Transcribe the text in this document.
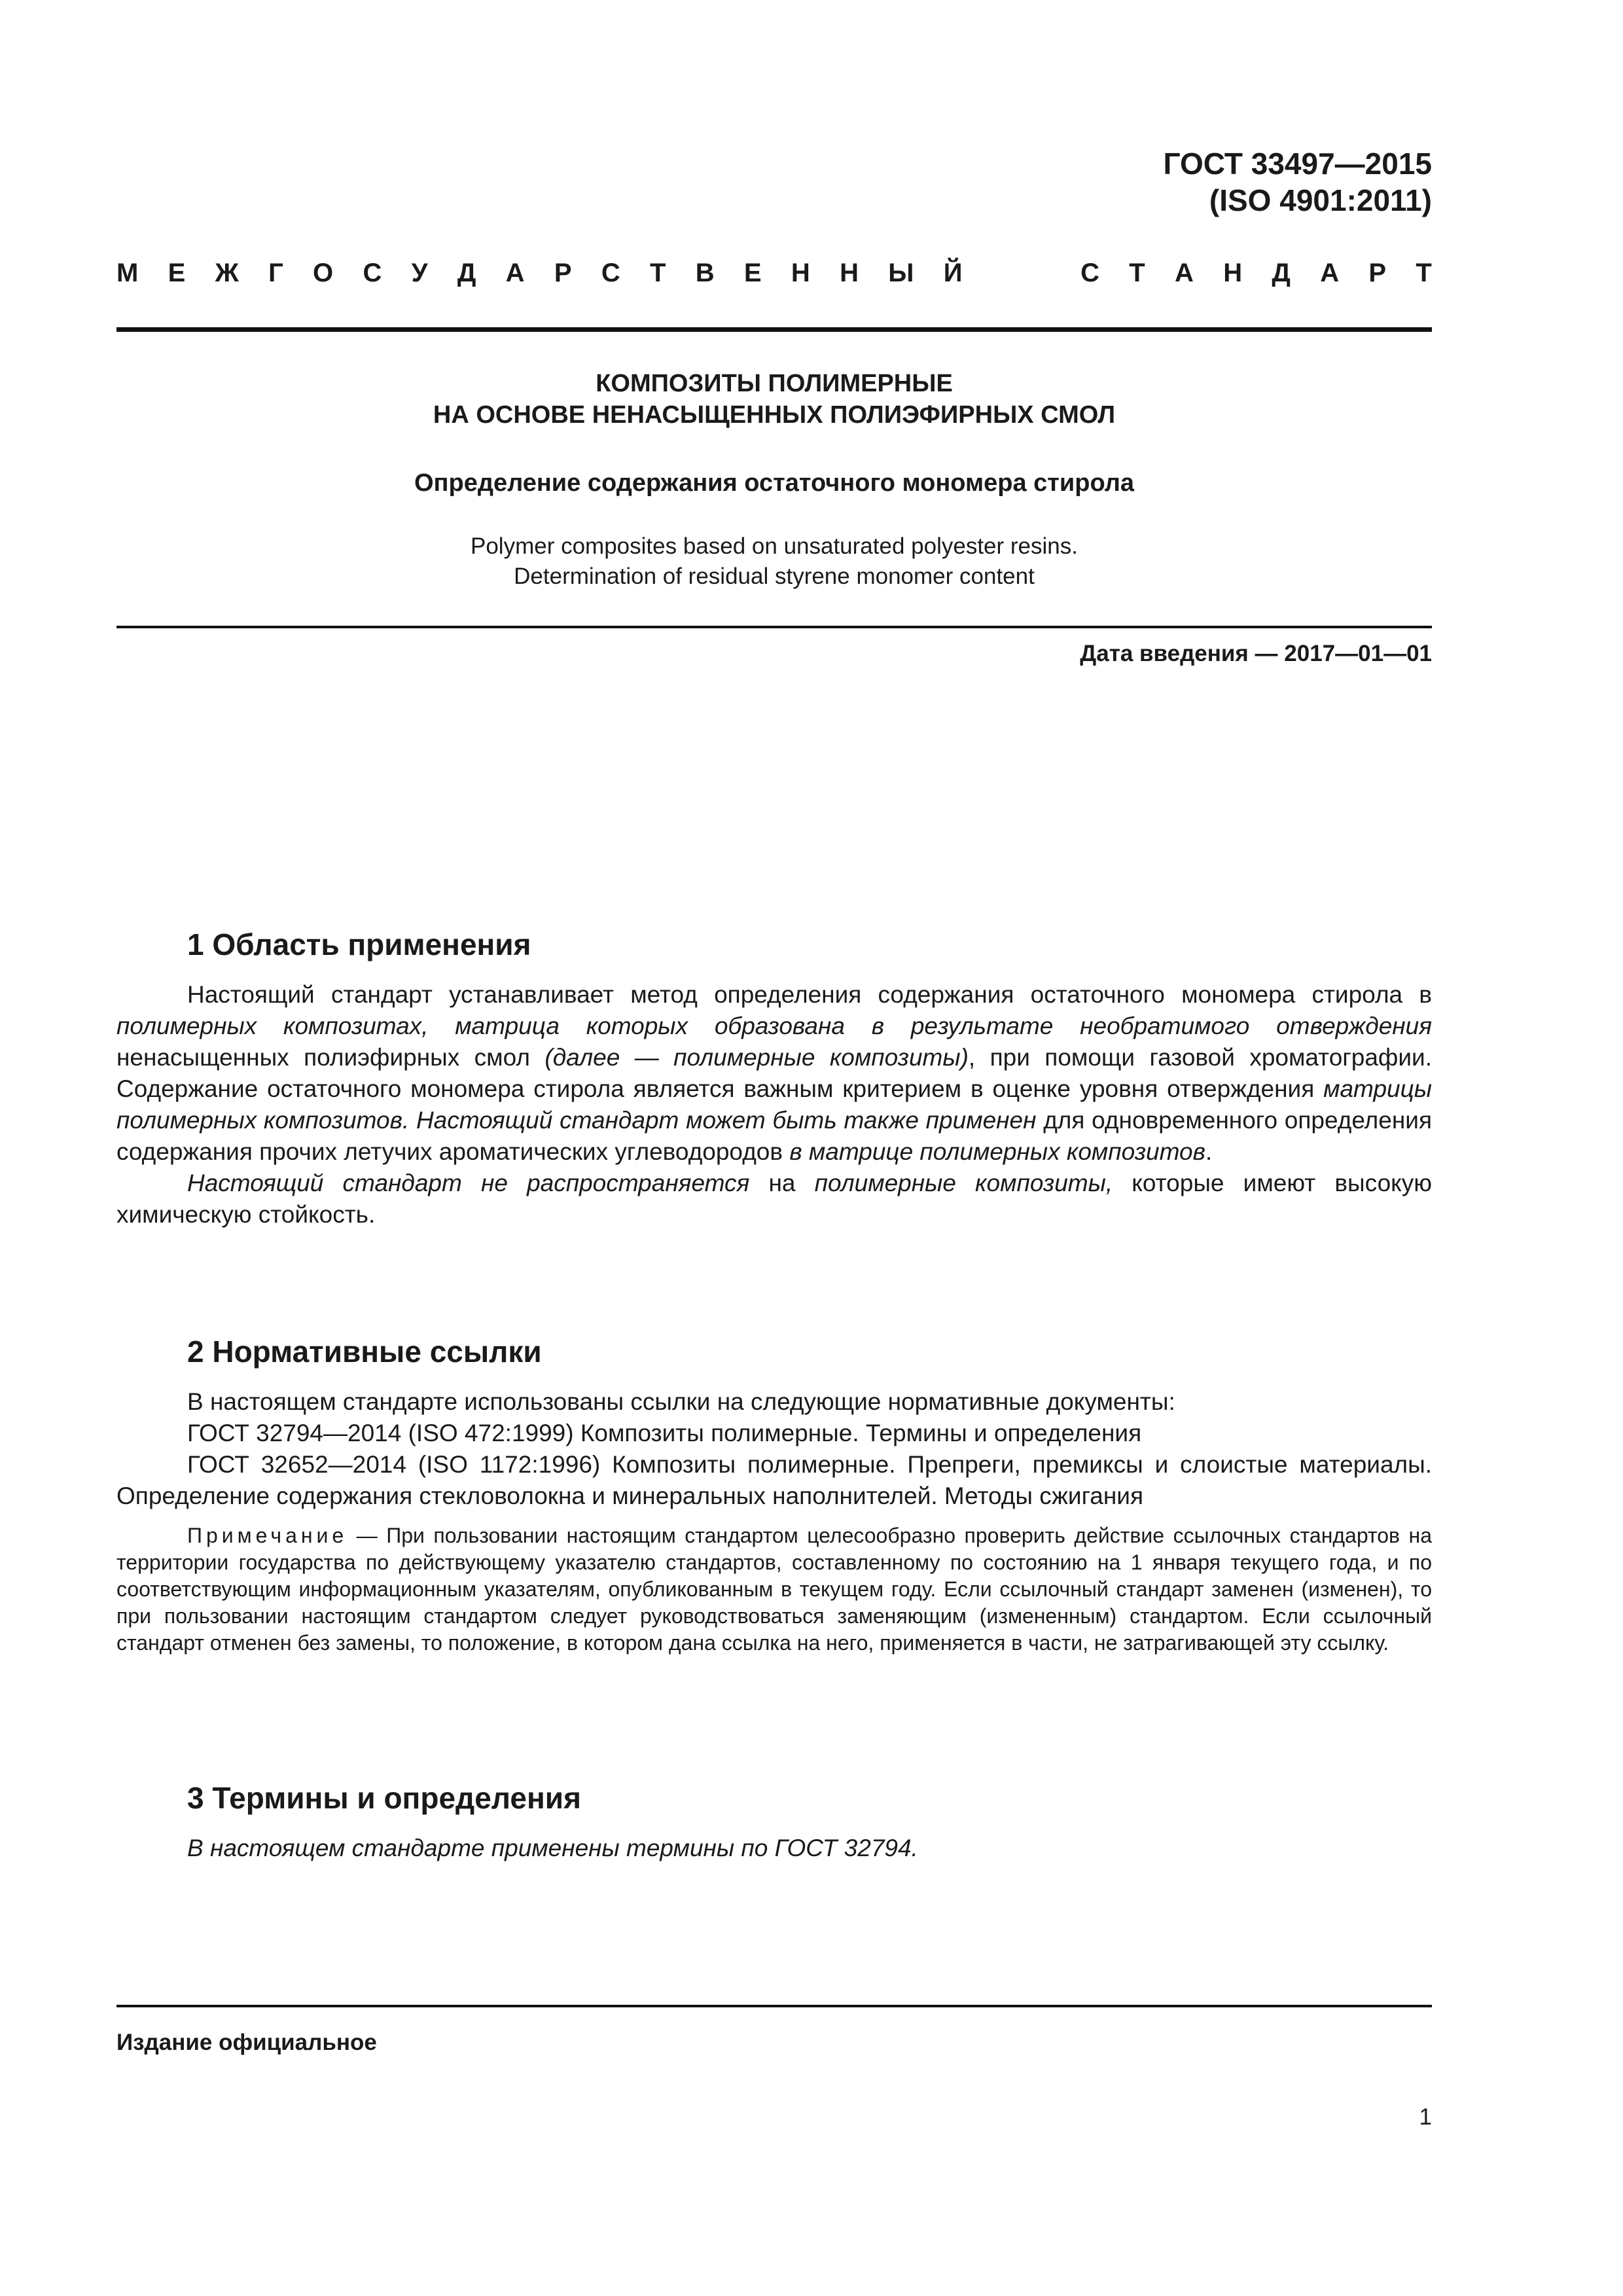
ГОСТ 33497—2015
(ISO 4901:2011)
М Е Ж Г О С У Д А Р С Т В Е Н Н Ы Й	С Т А Н Д А Р Т
КОМПОЗИТЫ ПОЛИМЕРНЫЕ
НА ОСНОВЕ НЕНАСЫЩЕННЫХ ПОЛИЭФИРНЫХ СМОЛ
Определение содержания остаточного мономера стирола
Polymer composites based on unsaturated polyester resins.
Determination of residual styrene monomer content
Дата введения — 2017—01—01
1 Область применения

Настоящий стандарт устанавливает метод определения содержания остаточного мономера стирола в полимерных композитах, матрица которых образована в результате необратимого отверждения ненасыщенных полиэфирных смол (далее — полимерные композиты), при помощи газовой хроматографии. Содержание остаточного мономера стирола является важным критерием в оценке уровня отверждения матрицы полимерных композитов. Настоящий стандарт может быть также применен для одновременного определения содержания прочих летучих ароматических углеводородов в матрице полимерных композитов.

Настоящий стандарт не распространяется на полимерные композиты, которые имеют высокую химическую стойкость.

2 Нормативные ссылки

В настоящем стандарте использованы ссылки на следующие нормативные документы:

ГОСТ 32794—2014 (ISO 472:1999) Композиты полимерные. Термины и определения

ГОСТ 32652—2014 (ISO 1172:1996) Композиты полимерные. Препреги, премиксы и слоистые материалы. Определение содержания стекловолокна и минеральных наполнителей. Методы сжигания

Примечание — При пользовании настоящим стандартом целесообразно проверить действие ссылочных стандартов на территории государства по действующему указателю стандартов, составленному по состоянию на 1 января текущего года, и по соответствующим информационным указателям, опубликованным в текущем году. Если ссылочный стандарт заменен (изменен), то при пользовании настоящим стандартом следует руководствоваться заменяющим (измененным) стандартом. Если ссылочный стандарт отменен без замены, то положение, в котором дана ссылка на него, применяется в части, не затрагивающей эту ссылку.

3 Термины и определения

В настоящем стандарте применены термины по ГОСТ 32794.

Издание официальное
1
